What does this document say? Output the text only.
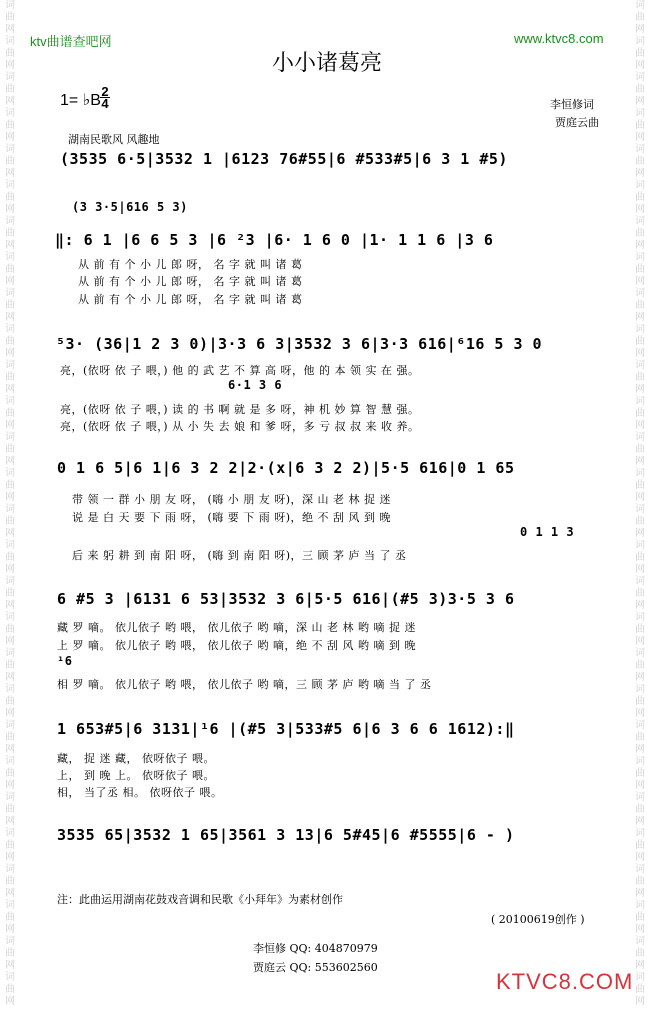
词曲网词曲网词曲网词曲网词曲网词曲网词曲网词曲网词曲网词曲网词曲网词曲网词曲网词曲网词曲网词曲网词曲网词曲网词曲网词曲网词曲网词曲网词曲网词曲网词曲网词曲网词曲网词曲网
词曲网词曲网词曲网词曲网词曲网词曲网词曲网词曲网词曲网词曲网词曲网词曲网词曲网词曲网词曲网词曲网词曲网词曲网词曲网词曲网词曲网词曲网词曲网词曲网词曲网词曲网词曲网词曲网
ktv曲谱查吧网	www.ktvc8.com
小小诸葛亮
1= ♭B
2
4	李恒修词
贾庭云曲
湖南民歌风 风趣地
(3535 6·5|3532 1 |6123 76#55|6 #533#5|6 3 1 #5)
(3 3·5|616 5 3)
‖: 6 1 |6 6 5 3 |6 ²3 |6· 1 6 0 |1· 1 1 6 |3 6
从 前 有 个 小 儿 郎 呀， 名 字 就 叫 诸 葛
从 前 有 个 小 儿 郎 呀， 名 字 就 叫 诸 葛
从 前 有 个 小 儿 郎 呀， 名 字 就 叫 诸 葛
⁵3· (36|1 2 3 0)|3·3 6 3|3532 3 6|3·3 616|⁶16 5 3 0
亮，(依呀 依 子 喂，) 他 的 武 艺 不 算 高 呀，他 的 本 领 实 在 强。
6·1 3 6
亮，(依呀 依 子 喂，) 读 的 书 啊 就 是 多 呀，神 机 妙 算 智 慧 强。
亮，(依呀 依 子 喂，) 从 小 失 去 娘 和 爹 呀，多 亏 叔 叔 来 收 养。
0 1 6 5|6 1|6 3 2 2|2·(x|6 3 2 2)|5·5 616|0 1 65
带 领 一 群 小 朋 友 呀， (嗨 小 朋 友 呀)，深 山 老 林 捉 迷
说 是 白 天 要 下 雨 呀， (嗨 要 下 雨 呀)，绝 不 刮 风 到 晚
0 1 1 3
后 来 躬 耕 到 南 阳 呀， (嗨 到 南 阳 呀)，三 顾 茅 庐 当 了 丞
6 #5 3 |6131 6 53|3532 3 6|5·5 616|(#5 3)3·5 3 6
藏 罗 嘀。 依儿依子 哟 喂， 依儿依子 哟 嘀，深 山 老 林 哟 嘀 捉 迷
上 罗 嘀。 依儿依子 哟 喂， 依儿依子 哟 嘀，绝 不 刮 风 哟 嘀 到 晚
¹6
相 罗 嘀。 依儿依子 哟 喂， 依儿依子 哟 嘀，三 顾 茅 庐 哟 嘀 当 了 丞
1 653#5|6 3131|¹6 |(#5 3|533#5 6|6 3 6 6 1612):‖
藏， 捉 迷 藏， 依呀依子 喂。
上， 到 晚 上。 依呀依子 喂。
相， 当了丞 相。 依呀依子 喂。
3535 65|3532 1 65|3561 3 13|6 5#45|6 #5555|6 - )
注：此曲运用湖南花鼓戏音调和民歌《小拜年》为素材创作
( 20100619创作 )
李恒修 QQ: 404870979
贾庭云 QQ: 553602560
KTVC8.COM
